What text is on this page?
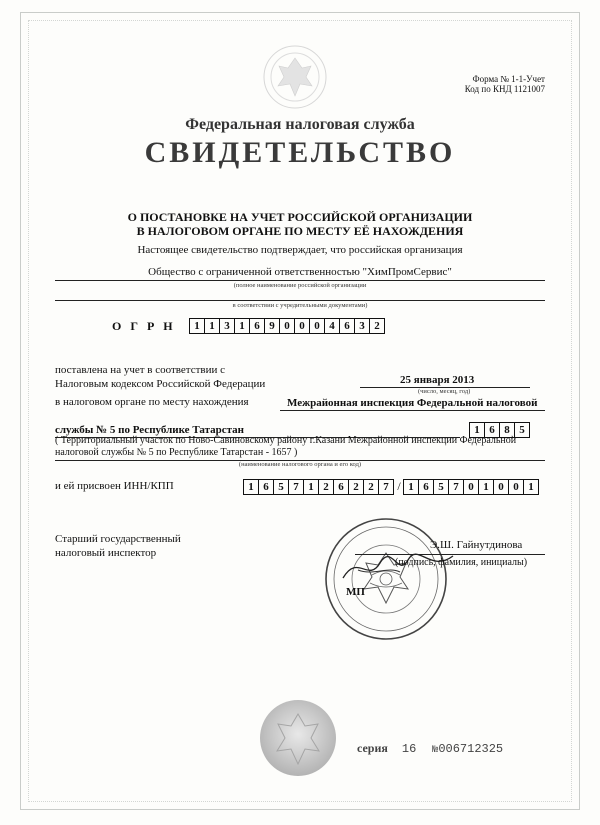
Форма № 1-1-Учет
Код по КНД 1121007
Федеральная налоговая служба
СВИДЕТЕЛЬСТВО
О ПОСТАНОВКЕ НА УЧЕТ РОССИЙСКОЙ ОРГАНИЗАЦИИ
В НАЛОГОВОМ ОРГАНЕ ПО МЕСТУ ЕЁ НАХОЖДЕНИЯ
Настоящее свидетельство подтверждает, что российская организация
Общество с ограниченной ответственностью "ХимПромСервис"
(полное наименование российской организации
в соответствии с учредительными документами)
ОГРН	1 1 3 1 6 9 0 0 0 4 6 3 2
поставлена на учет в соответствии с
Налоговым кодексом Российской Федерации	25 января 2013
(число, месяц, год)
в налоговом органе по месту нахождения	Межрайонная инспекция Федеральной налоговой
службы № 5 по Республике Татарстан	1 6 8 5
( Территориальный участок по Ново-Савиновскому району г.Казани Межрайонной инспекции Федеральной
налоговой службы № 5 по Республике Татарстан - 1657 )
(наименование налогового органа и его код)
и ей присвоен ИНН/КПП	1 6 5 7 1 2 6 2 2 7 / 1 6 5 7 0 1 0 0 1
Старший государственный
налоговый инспектор
Э.Ш. Гайнутдинова
(подпись, фамилия, инициалы)
МП
серия 16 №006712325
